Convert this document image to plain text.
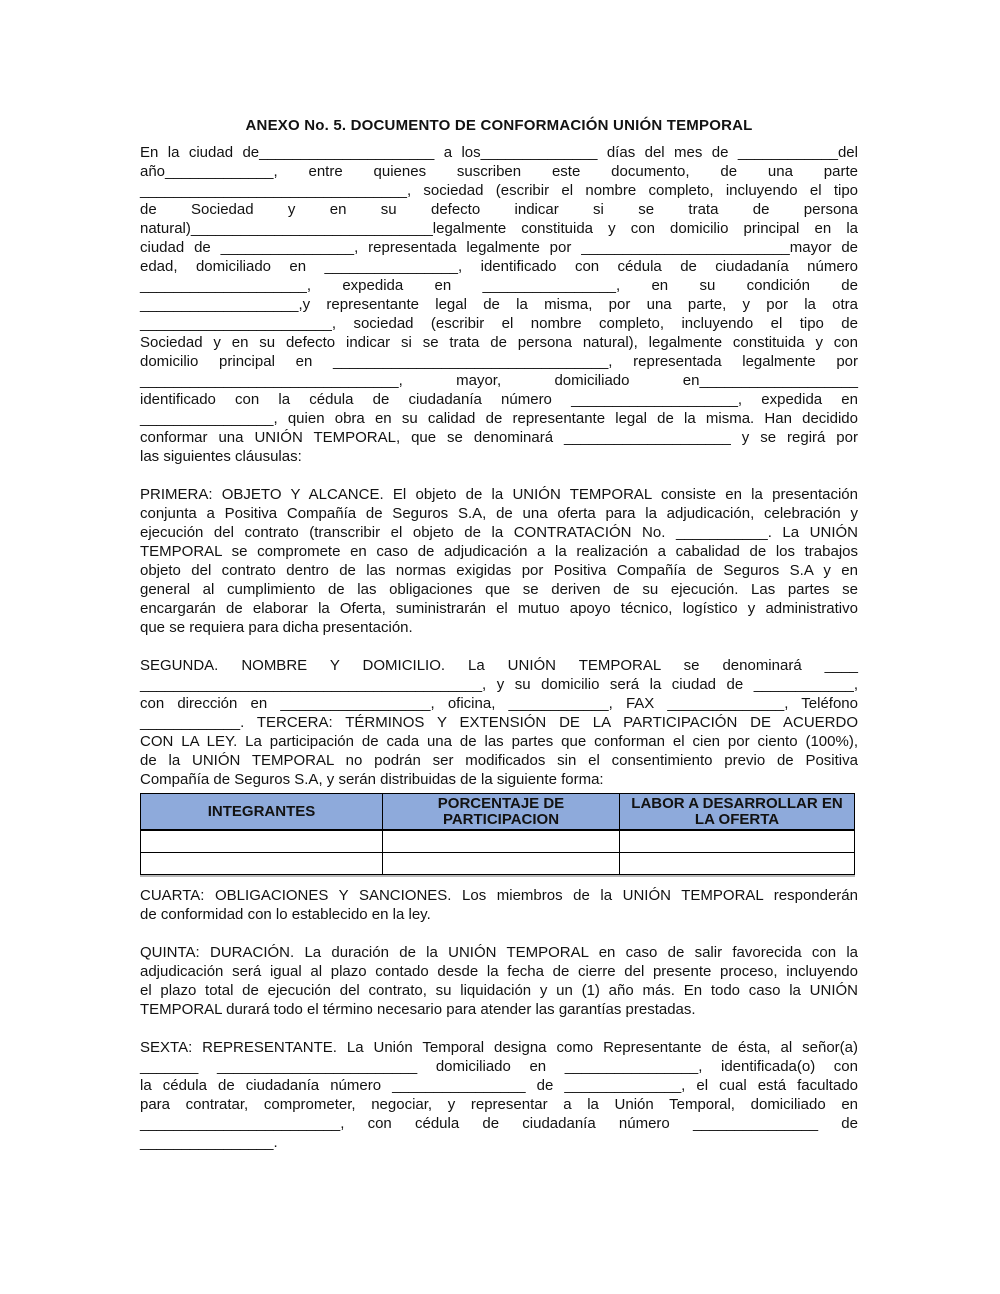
ANEXO No. 5. DOCUMENTO DE CONFORMACIÓN UNIÓN TEMPORAL
En la ciudad de_____________________ a los______________ días del mes de ____________del
año_____________, entre quienes suscriben este documento, de una parte
________________________________, sociedad (escribir el nombre completo, incluyendo el tipo
de Sociedad y en su defecto indicar si se trata de persona
natural)_____________________________legalmente constituida y con domicilio principal en la
ciudad de ________________, representada legalmente por _________________________mayor de
edad, domiciliado en ________________, identificado con cédula de ciudadanía número
____________________, expedida en ________________, en su condición de
___________________,y representante legal de la misma, por una parte, y por la otra
_______________________, sociedad (escribir el nombre completo, incluyendo el tipo de
Sociedad y en su defecto indicar si se trata de persona natural), legalmente constituida y con
domicilio principal en _________________________________, representada legalmente por
_______________________________, mayor, domiciliado en___________________
identificado con la cédula de ciudadanía número ____________________, expedida en
________________, quien obra en su calidad de representante legal de la misma. Han decidido
conformar una UNIÓN TEMPORAL, que se denominará ____________________ y se regirá por
las siguientes cláusulas:
PRIMERA: OBJETO Y ALCANCE. El objeto de la UNIÓN TEMPORAL consiste en la presentación
conjunta a Positiva Compañía de Seguros S.A, de una oferta para la adjudicación, celebración y
ejecución del contrato (transcribir el objeto de la CONTRATACIÓN No. ___________. La UNIÓN
TEMPORAL se compromete en caso de adjudicación a la realización a cabalidad de los trabajos
objeto del contrato dentro de las normas exigidas por Positiva Compañía de Seguros S.A y en
general al cumplimiento de las obligaciones que se deriven de su ejecución. Las partes se
encargarán de elaborar la Oferta, suministrarán el mutuo apoyo técnico, logístico y administrativo
que se requiera para dicha presentación.
SEGUNDA. NOMBRE Y DOMICILIO. La UNIÓN TEMPORAL se denominará ____
_________________________________________, y su domicilio será la ciudad de ____________,
con dirección en __________________, oficina, ____________, FAX ______________, Teléfono
____________. TERCERA: TÉRMINOS Y EXTENSIÓN DE LA PARTICIPACIÓN DE ACUERDO
CON LA LEY. La participación de cada una de las partes que conforman el cien por ciento (100%),
de la UNIÓN TEMPORAL no podrán ser modificados sin el consentimiento previo de Positiva
Compañía de Seguros S.A, y serán distribuidas de la siguiente forma:
INTEGRANTES	PORCENTAJE DE PARTICIPACION	LABOR A DESARROLLAR EN LA OFERTA

CUARTA: OBLIGACIONES Y SANCIONES. Los miembros de la UNIÓN TEMPORAL responderán
de conformidad con lo establecido en la ley.
QUINTA: DURACIÓN. La duración de la UNIÓN TEMPORAL en caso de salir favorecida con la
adjudicación será igual al plazo contado desde la fecha de cierre del presente proceso, incluyendo
el plazo total de ejecución del contrato, su liquidación y un (1) año más. En todo caso la UNIÓN
TEMPORAL durará todo el término necesario para atender las garantías prestadas.
SEXTA: REPRESENTANTE. La Unión Temporal designa como Representante de ésta, al señor(a)
_______ ________________________ domiciliado en ________________, identificada(o) con
la cédula de ciudadanía número ________________ de ______________, el cual está facultado
para contratar, comprometer, negociar, y representar a la Unión Temporal, domiciliado en
________________________, con cédula de ciudadanía número _______________ de
________________.
